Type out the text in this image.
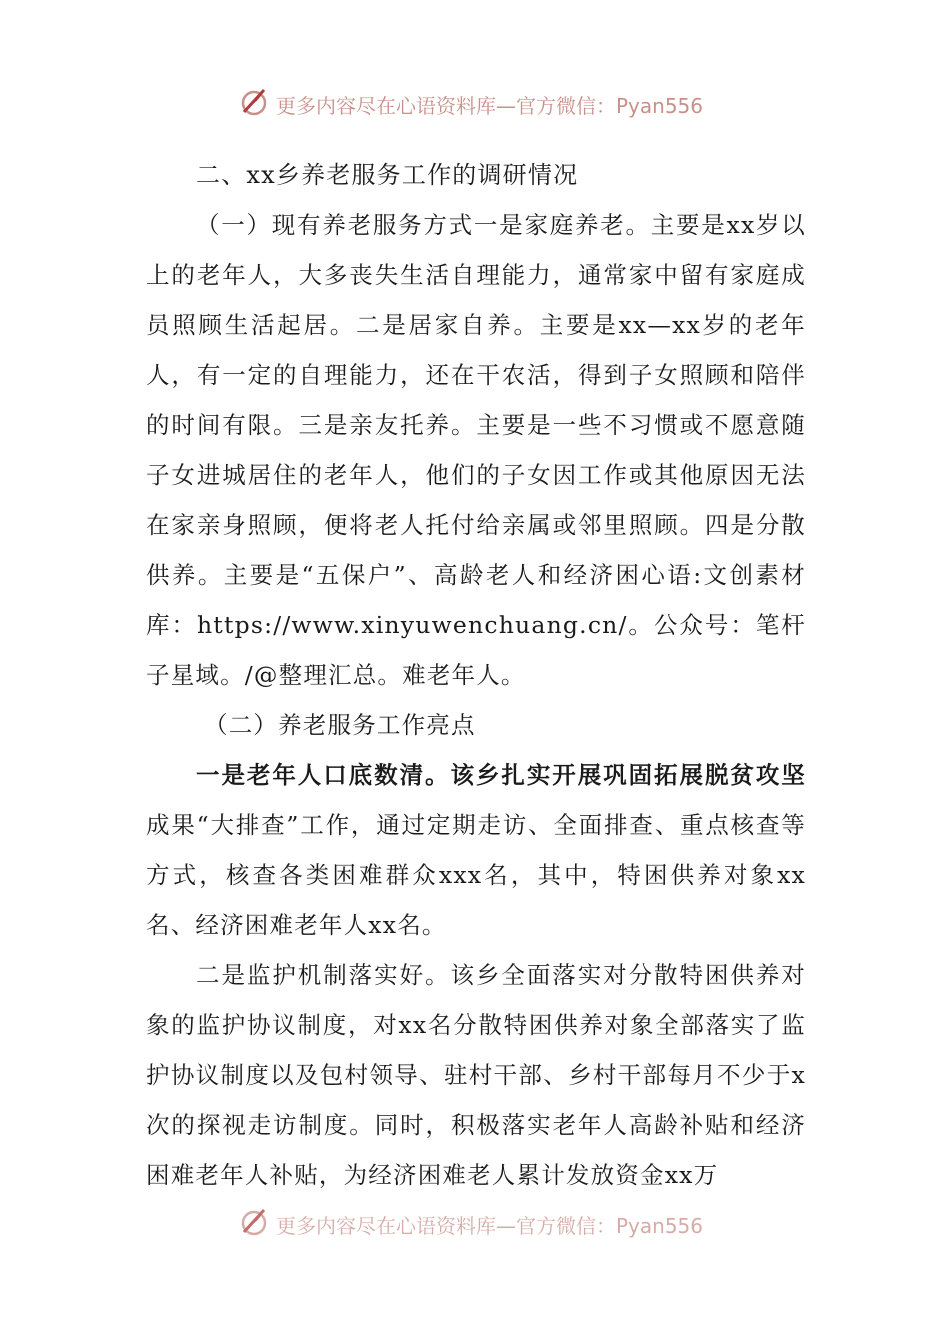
更多内容尽在心语资料库—官方微信：Pyan556

二、xx乡养老服务工作的调研情况

（一）现有养老服务方式一是家庭养老。主要是xx岁以上的老年人，大多丧失生活自理能力，通常家中留有家庭成员照顾生活起居。二是居家自养。主要是xx—xx岁的老年人，有一定的自理能力，还在干农活，得到子女照顾和陪伴的时间有限。三是亲友托养。主要是一些不习惯或不愿意随子女进城居住的老年人，他们的子女因工作或其他原因无法在家亲身照顾，便将老人托付给亲属或邻里照顾。四是分散供养。主要是“五保户”、高龄老人和经济困心语:文创素材库：https://www.xinyuwenchuang.cn/。公众号：笔杆子星域。/@整理汇总。难老年人。

（二）养老服务工作亮点

一是老年人口底数清。该乡扎实开展巩固拓展脱贫攻坚成果“大排查”工作，通过定期走访、全面排查、重点核查等方式，核查各类困难群众xxx名，其中，特困供养对象xx名、经济困难老年人xx名。

二是监护机制落实好。该乡全面落实对分散特困供养对象的监护协议制度，对xx名分散特困供养对象全部落实了监护协议制度以及包村领导、驻村干部、乡村干部每月不少于x次的探视走访制度。同时，积极落实老年人高龄补贴和经济困难老年人补贴，为经济困难老人累计发放资金xx万

更多内容尽在心语资料库—官方微信：Pyan556
